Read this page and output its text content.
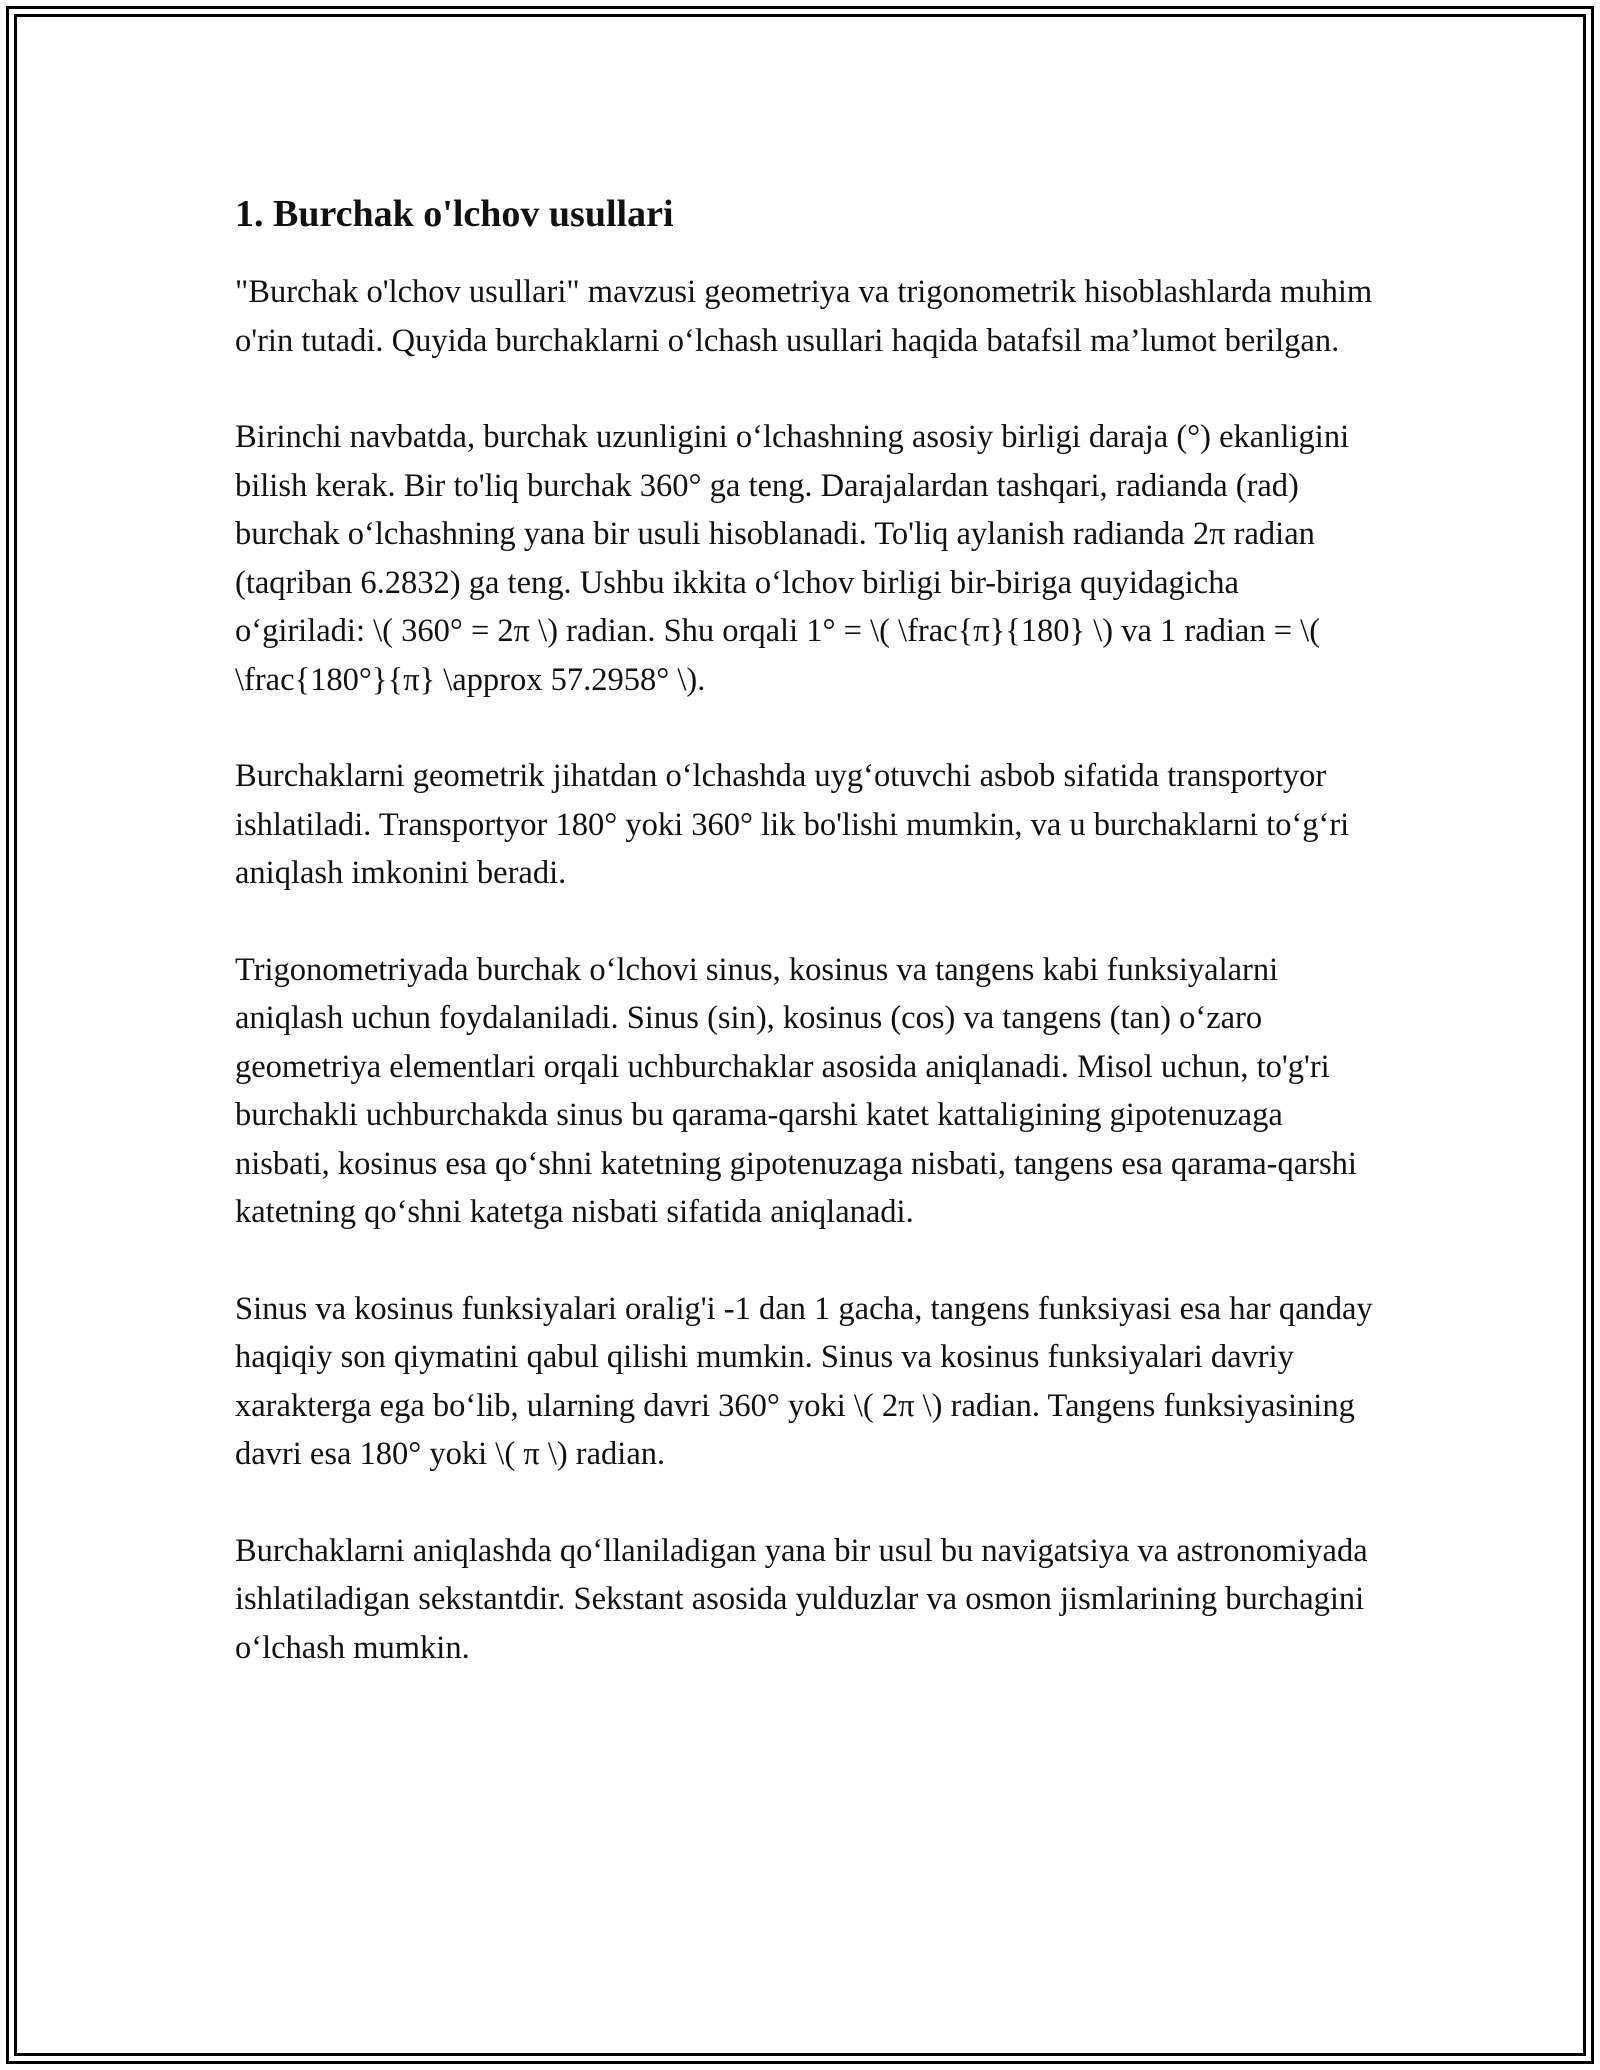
1. Burchak o'lchov usullari

"Burchak o'lchov usullari" mavzusi geometriya va trigonometrik hisoblashlarda muhim o'rin tutadi. Quyida burchaklarni o‘lchash usullari haqida batafsil ma’lumot berilgan.

Birinchi navbatda, burchak uzunligini o‘lchashning asosiy birligi daraja (°) ekanligini bilish kerak. Bir to'liq burchak 360° ga teng. Darajalardan tashqari, radianda (rad) burchak o‘lchashning yana bir usuli hisoblanadi. To'liq aylanish radianda 2π radian (taqriban 6.2832) ga teng. Ushbu ikkita o‘lchov birligi bir-biriga quyidagicha o‘giriladi: \( 360° = 2π \) radian. Shu orqali 1° = \( \frac{π}{180} \) va 1 radian = \( \frac{180°}{π} \approx 57.2958° \).

Burchaklarni geometrik jihatdan o‘lchashda uyg‘otuvchi asbob sifatida transportyor ishlatiladi. Transportyor 180° yoki 360° lik bo'lishi mumkin, va u burchaklarni to‘g‘ri aniqlash imkonini beradi.

Trigonometriyada burchak o‘lchovi sinus, kosinus va tangens kabi funksiyalarni aniqlash uchun foydalaniladi. Sinus (sin), kosinus (cos) va tangens (tan) o‘zaro geometriya elementlari orqali uchburchaklar asosida aniqlanadi. Misol uchun, to'g'ri burchakli uchburchakda sinus bu qarama-qarshi katet kattaligining gipotenuzaga nisbati, kosinus esa qo‘shni katetning gipotenuzaga nisbati, tangens esa qarama-qarshi katetning qo‘shni katetga nisbati sifatida aniqlanadi.

Sinus va kosinus funksiyalari oralig'i -1 dan 1 gacha, tangens funksiyasi esa har qanday haqiqiy son qiymatini qabul qilishi mumkin. Sinus va kosinus funksiyalari davriy xarakterga ega bo‘lib, ularning davri 360° yoki \( 2π \) radian. Tangens funksiyasining davri esa 180° yoki \( π \) radian.

Burchaklarni aniqlashda qo‘llaniladigan yana bir usul bu navigatsiya va astronomiyada ishlatiladigan sekstantdir. Sekstant asosida yulduzlar va osmon jismlarining burchagini o‘lchash mumkin.
